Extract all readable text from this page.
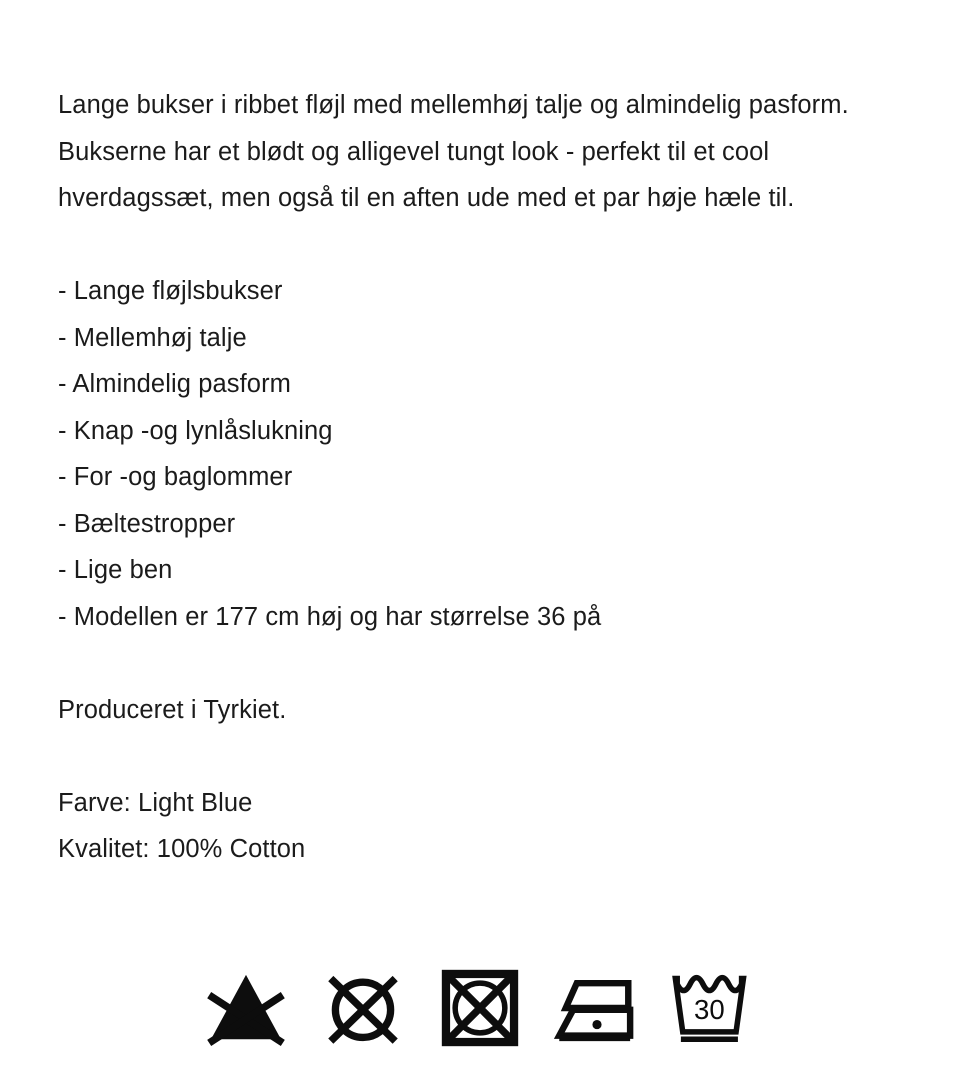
Lange bukser i ribbet fløjl med mellemhøj talje og almindelig pasform. Bukserne har et blødt og alligevel tungt look - perfekt til et cool hverdagssæt, men også til en aften ude med et par høje hæle til.

- Lange fløjlsbukser
- Mellemhøj talje
- Almindelig pasform
- Knap -og lynlåslukning
- For -og baglommer
- Bæltestropper
- Lige ben
- Modellen er 177 cm høj og har størrelse 36 på

Produceret i Tyrkiet.

Farve: Light Blue

Kvalitet: 100% Cotton

30
